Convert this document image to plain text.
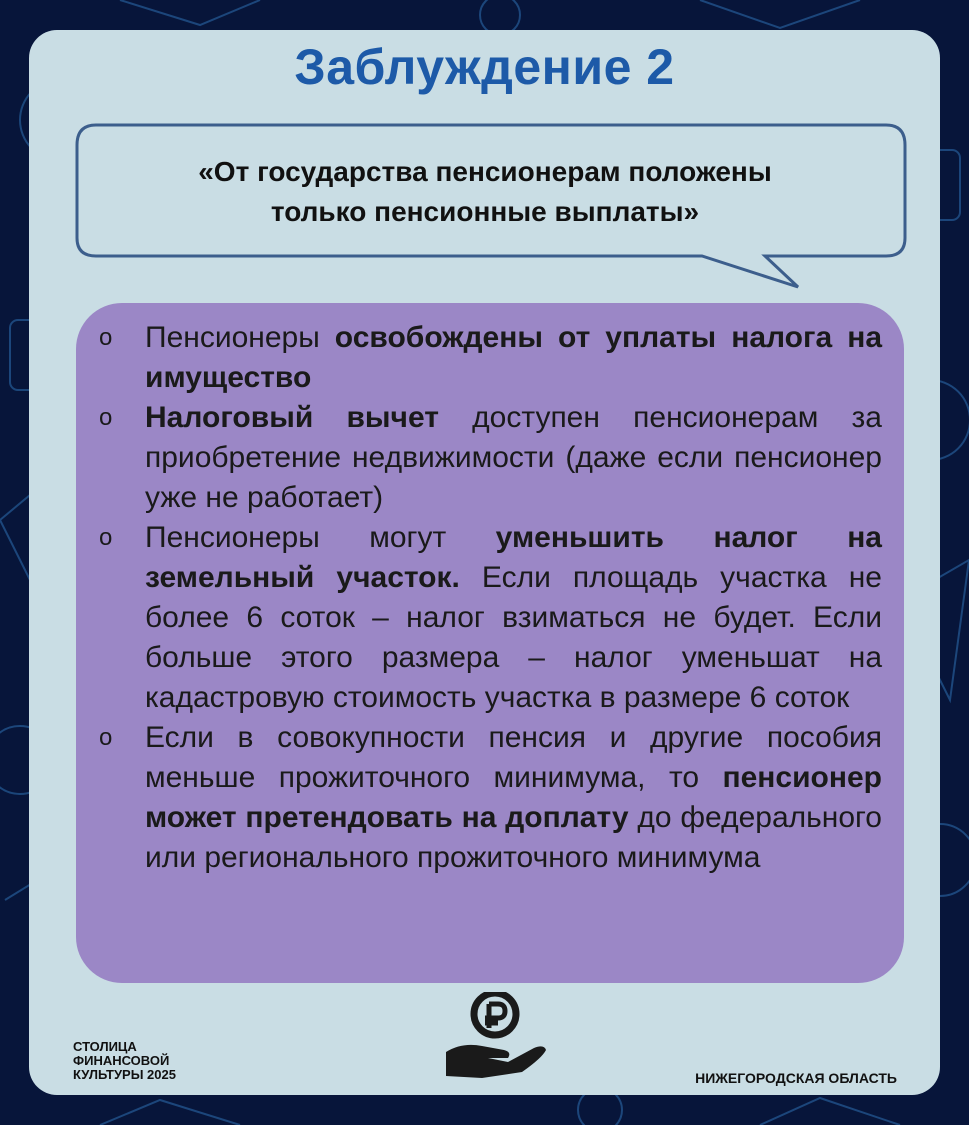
Заблуждение 2
«От государства пенсионерам положены
только пенсионные выплаты»
o Пенсионеры освобождены от уплаты налога на имущество
o Налоговый вычет доступен пенсионерам за приобретение недвижимости (даже если пенсионер уже не работает)
o Пенсионеры могут уменьшить налог на земельный участок. Если площадь участка не более 6 соток – налог взиматься не будет. Если больше этого размера – налог уменьшат на кадастровую стоимость участка в размере 6 соток
o Если в совокупности пенсия и другие пособия меньше прожиточного минимума, то пенсионер может претендовать на доплату до федерального или регионального прожиточного минимума
СТОЛИЦА
ФИНАНСОВОЙ
КУЛЬТУРЫ 2025	НИЖЕГОРОДСКАЯ ОБЛАСТЬ
